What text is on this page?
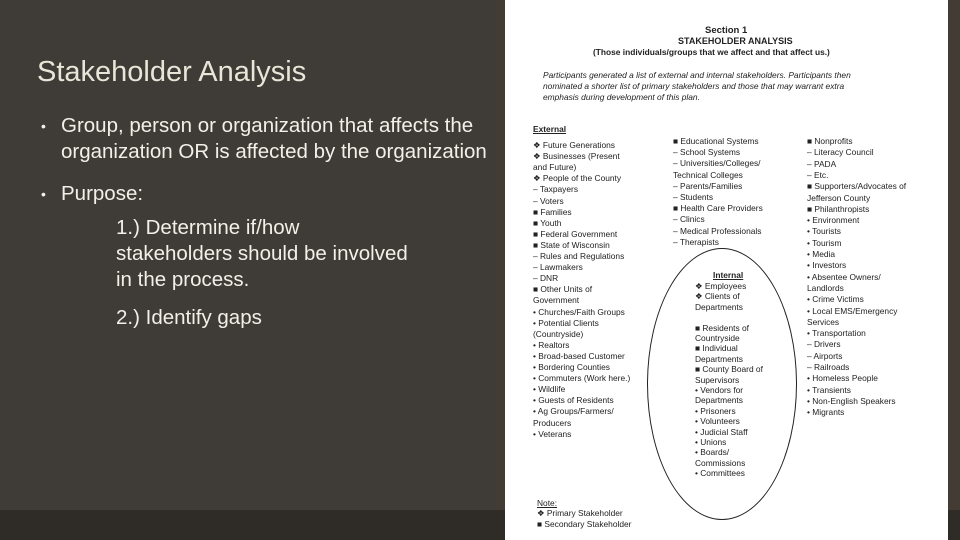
Stakeholder Analysis
• Group, person or organization that affects the organization OR is affected by the organization
• Purpose:
1.) Determine if/how stakeholders should be involved in the process.
2.) Identify gaps
Section 1
STAKEHOLDER ANALYSIS
(Those individuals/groups that we affect and that affect us.)
Participants generated a list of external and internal stakeholders. Participants then
nominated a shorter list of primary stakeholders and those that may warrant extra
emphasis during development of this plan.
External
❖ Future Generations
❖ Businesses (Present
and Future)
❖ People of the County
– Taxpayers
– Voters
■ Families
■ Youth
■ Federal Government
■ State of Wisconsin
– Rules and Regulations
– Lawmakers
– DNR
■ Other Units of
Government
• Churches/Faith Groups
• Potential Clients
(Countryside)
• Realtors
• Broad-based Customer
• Bordering Counties
• Commuters (Work here.)
• Wildlife
• Guests of Residents
• Ag Groups/Farmers/
Producers
• Veterans
■ Educational Systems
– School Systems
– Universities/Colleges/
Technical Colleges
– Parents/Families
– Students
■ Health Care Providers
– Clinics
– Medical Professionals
– Therapists
■ Nonprofits
– Literacy Council
– PADA
– Etc.
■ Supporters/Advocates of
Jefferson County
■ Philanthropists
• Environment
• Tourists
• Tourism
• Media
• Investors
• Absentee Owners/
Landlords
• Crime Victims
• Local EMS/Emergency
Services
• Transportation
– Drivers
– Airports
– Railroads
• Homeless People
• Transients
• Non-English Speakers
• Migrants
Internal
❖ Employees
❖ Clients of
Departments
■ Residents of
Countryside
■ Individual
Departments
■ County Board of
Supervisors
• Vendors for
Departments
• Prisoners
• Volunteers
• Judicial Staff
• Unions
• Boards/
Commissions
• Committees
Note:
❖ Primary Stakeholder
■ Secondary Stakeholder
